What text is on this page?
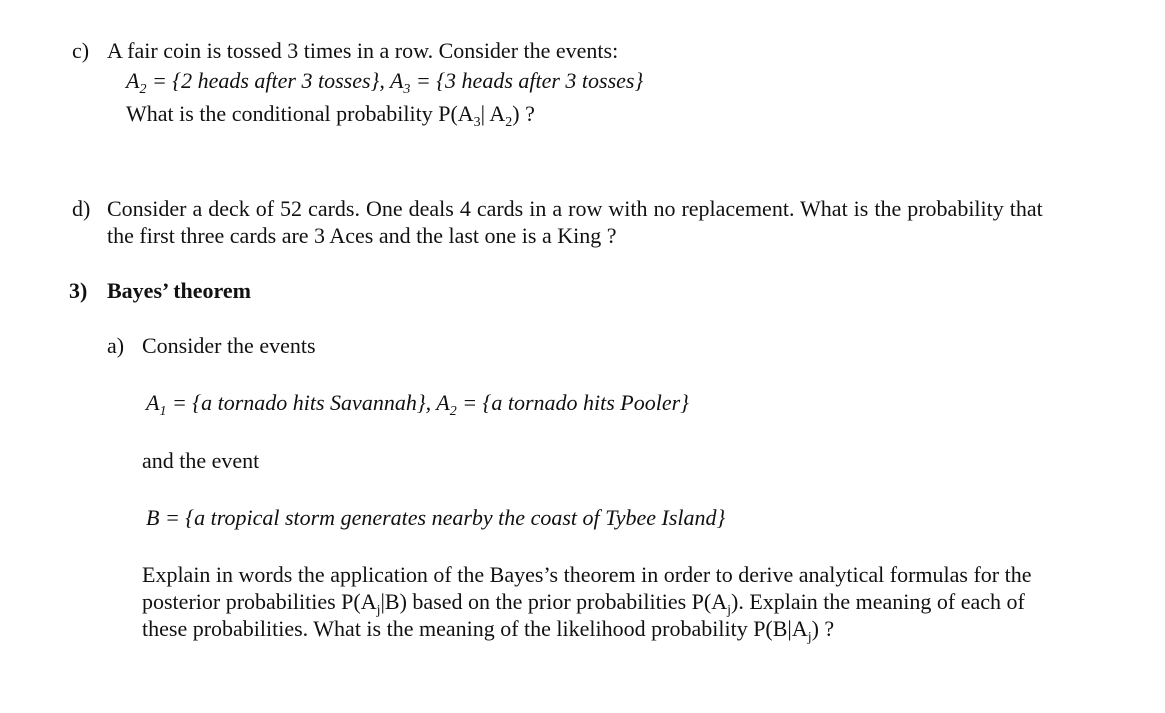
c) A fair coin is tossed 3 times in a row. Consider the events:
$A_2 = \{2$ heads after 3 tosses}, $A_3 = \{3$ heads after 3 tosses}
What is the conditional probability $P(A_3|$ $A_2$) ?
d) Consider a deck of 52 cards. One deals 4 cards in a row with no replacement. What is the probability that
the first three cards are 3 Aces and the last one is a King ?
3) Bayes’ theorem
a) Consider the events
$A_1 = \{a$ tornado hits Savannah}, $A_2 = \{a$ tornado hits Pooler}
and the event
B = {a tropical storm generates nearby the coast of Tybee Island}
Explain in words the application of the Bayes’s theorem in order to derive analytical formulas for the
posterior probabilities $P(A_j|B)$ based on the prior probabilities $P(A_j)$. Explain the meaning of each of
these probabilities. What is the meaning of the likelihood probability $P(B|A_j)$ ?
